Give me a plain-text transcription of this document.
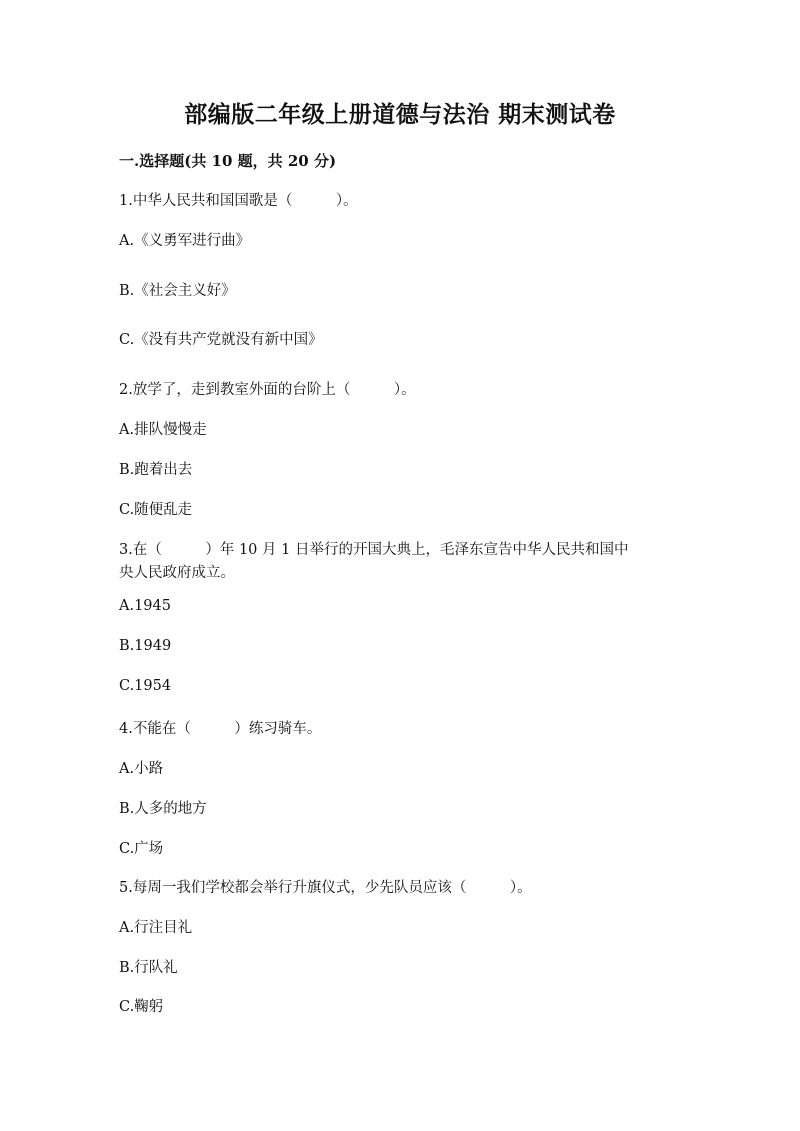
部编版二年级上册道德与法治 期末测试卷
一.选择题(共 10 题，共 20 分)
1.中华人民共和国国歌是（　　　）。
A.《义勇军进行曲》
B.《社会主义好》
C.《没有共产党就没有新中国》
2.放学了，走到教室外面的台阶上（　　　）。
A.排队慢慢走
B.跑着出去
C.随便乱走
3.在（　　　）年 10 月 1 日举行的开国大典上，毛泽东宣告中华人民共和国中
央人民政府成立。
A.1945
B.1949
C.1954
4.不能在（　　　）练习骑车。
A.小路
B.人多的地方
C.广场
5.每周一我们学校都会举行升旗仪式，少先队员应该（　　　）。
A.行注目礼
B.行队礼
C.鞠躬
